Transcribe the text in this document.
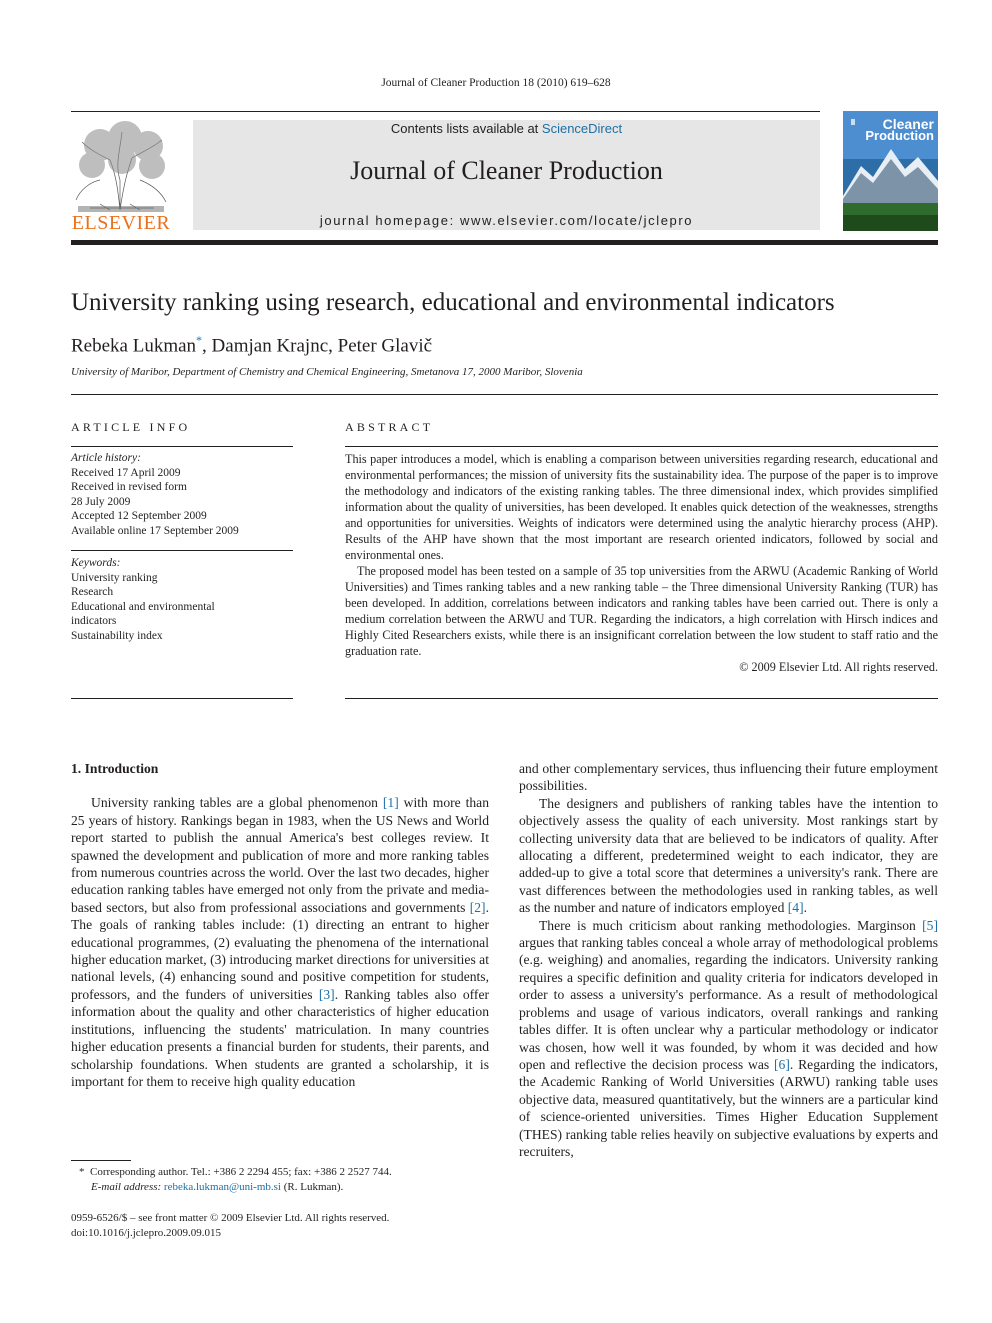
Journal of Cleaner Production 18 (2010) 619–628
ELSEVIER
Contents lists available at ScienceDirect
Journal of Cleaner Production
journal homepage: www.elsevier.com/locate/jclepro
Cleaner
Production
University ranking using research, educational and environmental indicators
Rebeka Lukman*, Damjan Krajnc, Peter Glavič
University of Maribor, Department of Chemistry and Chemical Engineering, Smetanova 17, 2000 Maribor, Slovenia
ARTICLE INFO
Article history:
Received 17 April 2009
Received in revised form
28 July 2009
Accepted 12 September 2009
Available online 17 September 2009
Keywords:
University ranking
Research
Educational and environmental
indicators
Sustainability index
ABSTRACT

This paper introduces a model, which is enabling a comparison between universities regarding research, educational and environmental performances; the mission of university fits the sustainability idea. The purpose of the paper is to improve the methodology and indicators of the existing ranking tables. The three dimensional index, which provides simplified information about the quality of universities, has been developed. It enables quick detection of the weaknesses, strengths and opportunities for universities. Weights of indicators were determined using the analytic hierarchy process (AHP). Results of the AHP have shown that the most important are research oriented indicators, followed by social and environmental ones.

The proposed model has been tested on a sample of 35 top universities from the ARWU (Academic Ranking of World Universities) and Times ranking tables and a new ranking table – the Three dimensional University Ranking (TUR) has been developed. In addition, correlations between indicators and ranking tables have been carried out. There is only a medium correlation between the ARWU and TUR. Regarding the indicators, a high correlation with Hirsch indices and Highly Cited Researchers exists, while there is an insignificant correlation between the low student to staff ratio and the graduation rate.

© 2009 Elsevier Ltd. All rights reserved.

1. Introduction

University ranking tables are a global phenomenon [1] with more than 25 years of history. Rankings began in 1983, when the US News and World report started to publish the annual America's best colleges review. It spawned the development and publication of more and more ranking tables from numerous countries across the world. Over the last two decades, higher education ranking tables have emerged not only from the private and media-based sectors, but also from professional associations and governments [2]. The goals of ranking tables include: (1) directing an entrant to higher educational programmes, (2) evaluating the phenomena of the international higher education market, (3) introducing market directions for universities at national levels, (4) enhancing sound and positive competition for students, professors, and the funders of universities [3]. Ranking tables also offer information about the quality and other characteristics of higher education institutions, influencing the students' matriculation. In many countries higher education presents a financial burden for students, their parents, and scholarship foundations. When students are granted a scholarship, it is important for them to receive high quality education

and other complementary services, thus influencing their future employment possibilities.

The designers and publishers of ranking tables have the intention to objectively assess the quality of each university. Most rankings start by collecting university data that are believed to be indicators of quality. After allocating a different, predetermined weight to each indicator, they are added-up to give a total score that determines a university's rank. There are vast differences between the methodologies used in ranking tables, as well as the number and nature of indicators employed [4].

There is much criticism about ranking methodologies. Marginson [5] argues that ranking tables conceal a whole array of methodological problems (e.g. weighing) and anomalies, regarding the indicators. University ranking requires a specific definition and quality criteria for indicators developed in order to assess a university's performance. As a result of methodological problems and usage of various indicators, overall rankings and ranking tables differ. It is often unclear why a particular methodology or indicator was chosen, how well it was founded, by whom it was decided and how open and reflective the decision process was [6]. Regarding the indicators, the Academic Ranking of World Universities (ARWU) ranking table uses objective data, measured quantitatively, but the winners are a particular kind of science-oriented universities. Times Higher Education Supplement (THES) ranking table relies heavily on subjective evaluations by experts and recruiters,

* Corresponding author. Tel.: +386 2 2294 455; fax: +386 2 2527 744.
E-mail address: rebeka.lukman@uni-mb.si (R. Lukman).
0959-6526/$ – see front matter © 2009 Elsevier Ltd. All rights reserved.
doi:10.1016/j.jclepro.2009.09.015
